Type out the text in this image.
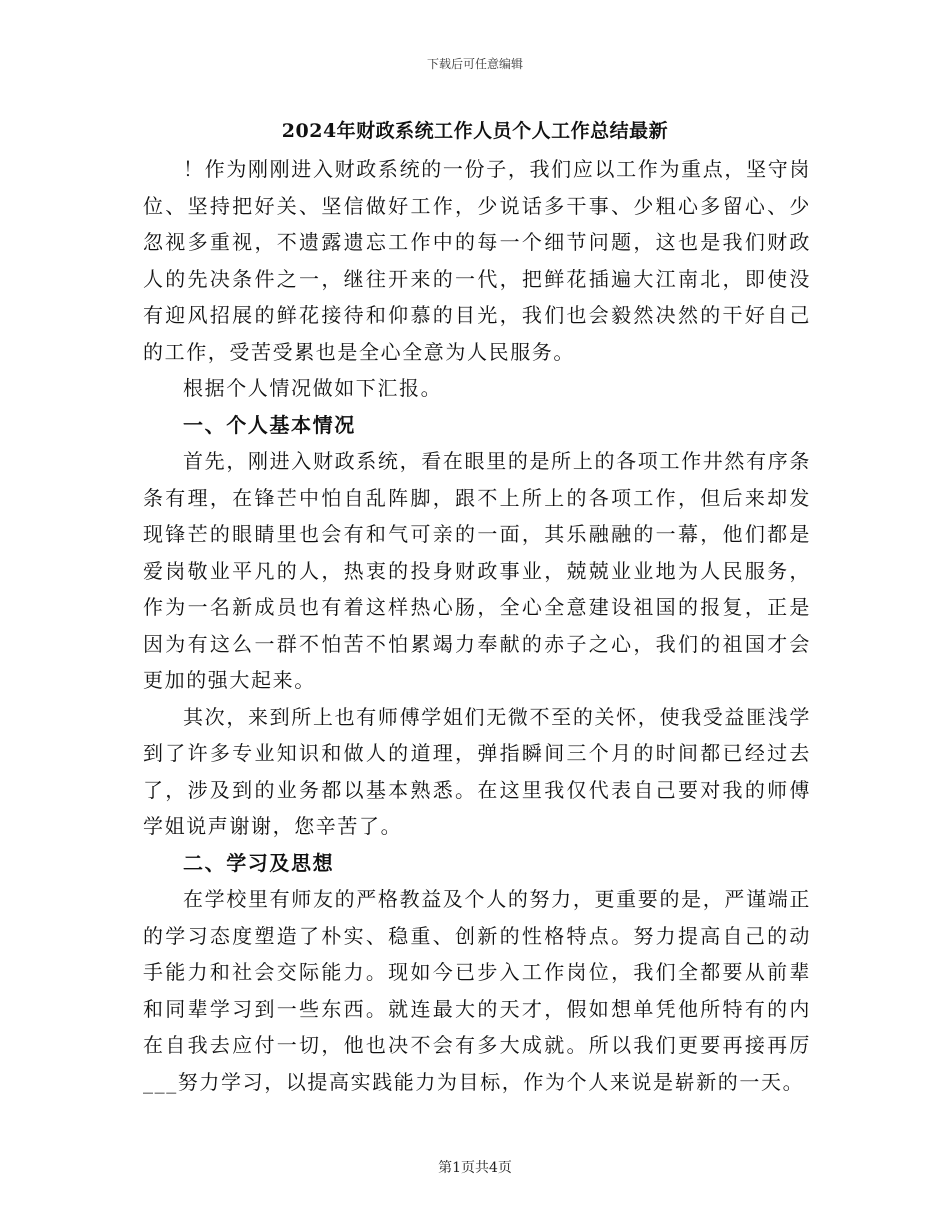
下载后可任意编辑
2024年财政系统工作人员个人工作总结最新

！作为刚刚进入财政系统的一份子，我们应以工作为重点，坚守岗位、坚持把好关、坚信做好工作，少说话多干事、少粗心多留心、少忽视多重视，不遗露遗忘工作中的每一个细节问题，这也是我们财政人的先决条件之一，继往开来的一代，把鲜花插遍大江南北，即使没有迎风招展的鲜花接待和仰慕的目光，我们也会毅然决然的干好自己的工作，受苦受累也是全心全意为人民服务。

根据个人情况做如下汇报。

一、个人基本情况

首先，刚进入财政系统，看在眼里的是所上的各项工作井然有序条条有理，在锋芒中怕自乱阵脚，跟不上所上的各项工作，但后来却发现锋芒的眼睛里也会有和气可亲的一面，其乐融融的一幕，他们都是爱岗敬业平凡的人，热衷的投身财政事业，兢兢业业地为人民服务，作为一名新成员也有着这样热心肠，全心全意建设祖国的报复，正是因为有这么一群不怕苦不怕累竭力奉献的赤子之心，我们的祖国才会更加的强大起来。

其次，来到所上也有师傅学姐们无微不至的关怀，使我受益匪浅学到了许多专业知识和做人的道理，弹指瞬间三个月的时间都已经过去了，涉及到的业务都以基本熟悉。在这里我仅代表自己要对我的师傅学姐说声谢谢，您辛苦了。

二、学习及思想

在学校里有师友的严格教益及个人的努力，更重要的是，严谨端正的学习态度塑造了朴实、稳重、创新的性格特点。努力提高自己的动手能力和社会交际能力。现如今已步入工作岗位，我们全都要从前辈和同辈学习到一些东西。就连最大的天才，假如想单凭他所特有的内在自我去应付一切，他也决不会有多大成就。所以我们更要再接再厉___努力学习，以提高实践能力为目标，作为个人来说是崭新的一天。

第1页共4页
